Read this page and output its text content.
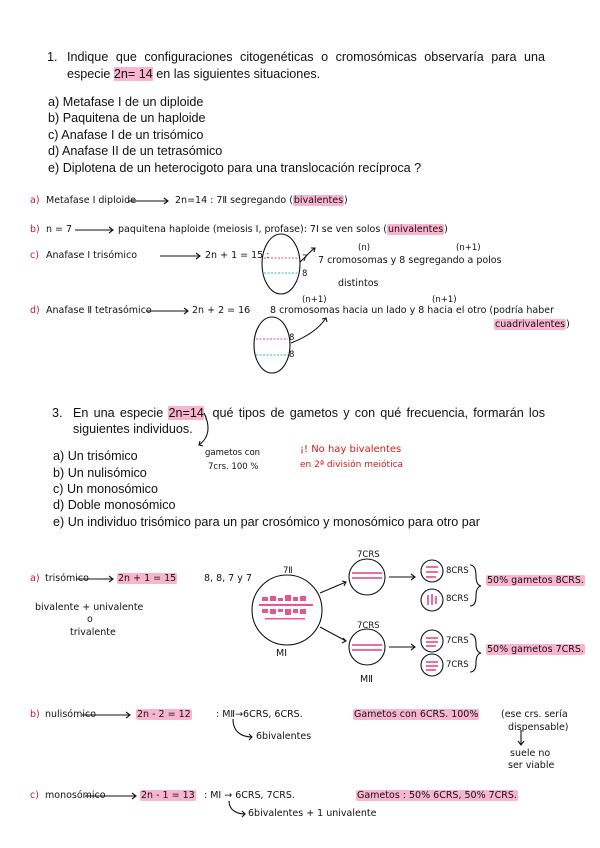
1. Indique que configuraciones citogenéticas o cromosómicas observaría para una
especie 2n= 14 en las siguientes situaciones.
a) Metafase I de un diploide
b) Paquitena de un haploide
c) Anafase I de un trisómico
d) Anafase II de un tetrasómico
e) Diplotena de un heterocigoto para una translocación recíproca ?
a) Metafase Ⅰ diploide	2n=14 : 7Ⅱ segregando (bivalentes)
b) n = 7	paquitena haploide (meiosis I, profase): 7Ⅰ se ven solos (univalentes)
c) Anafase Ⅰ trisómico	2n + 1 = 15 :	7 cromosomas y 8 segregando a polos
distintos
(n)	(n+1)
7
8
d) Anafase Ⅱ tetrasómico	2n + 2 = 16 8 cromosomas hacia un lado y 8 hacia el otro (podría haber
cuadrivalentes)
(n+1)	(n+1)
8
8
3. En una especie 2n=14, qué tipos de gametos y con qué frecuencia, formarán los
siguientes individuos.
a) Un trisómico
b) Un nulisómico
c) Un monosómico
d) Doble monosómico
e) Un individuo trisómico para un par crosómico y monosómico para otro par
gametos con
7crs. 100 %
¡! No hay bivalentes
en 2ª división meiótica
a) trisómico	2n + 1 = 15	8, 8, 7 y 7
bivalente + univalente
o
trivalente
7Ⅱ
MⅠ
MⅡ
7CRS
7CRS
8CRS
8CRS
7CRS
7CRS
50% gametos 8CRS.
50% gametos 7CRS.
b) nulisómico	2n - 2 = 12	: MⅡ→6CRS, 6CRS.	Gametos con 6CRS. 100% (ese crs. sería
dispensable)
suele no
ser viable
6bivalentes
c) monosómico	2n - 1 = 13 : MⅠ → 6CRS, 7CRS.	Gametos : 50% 6CRS, 50% 7CRS.
6bivalentes + 1 univalente
